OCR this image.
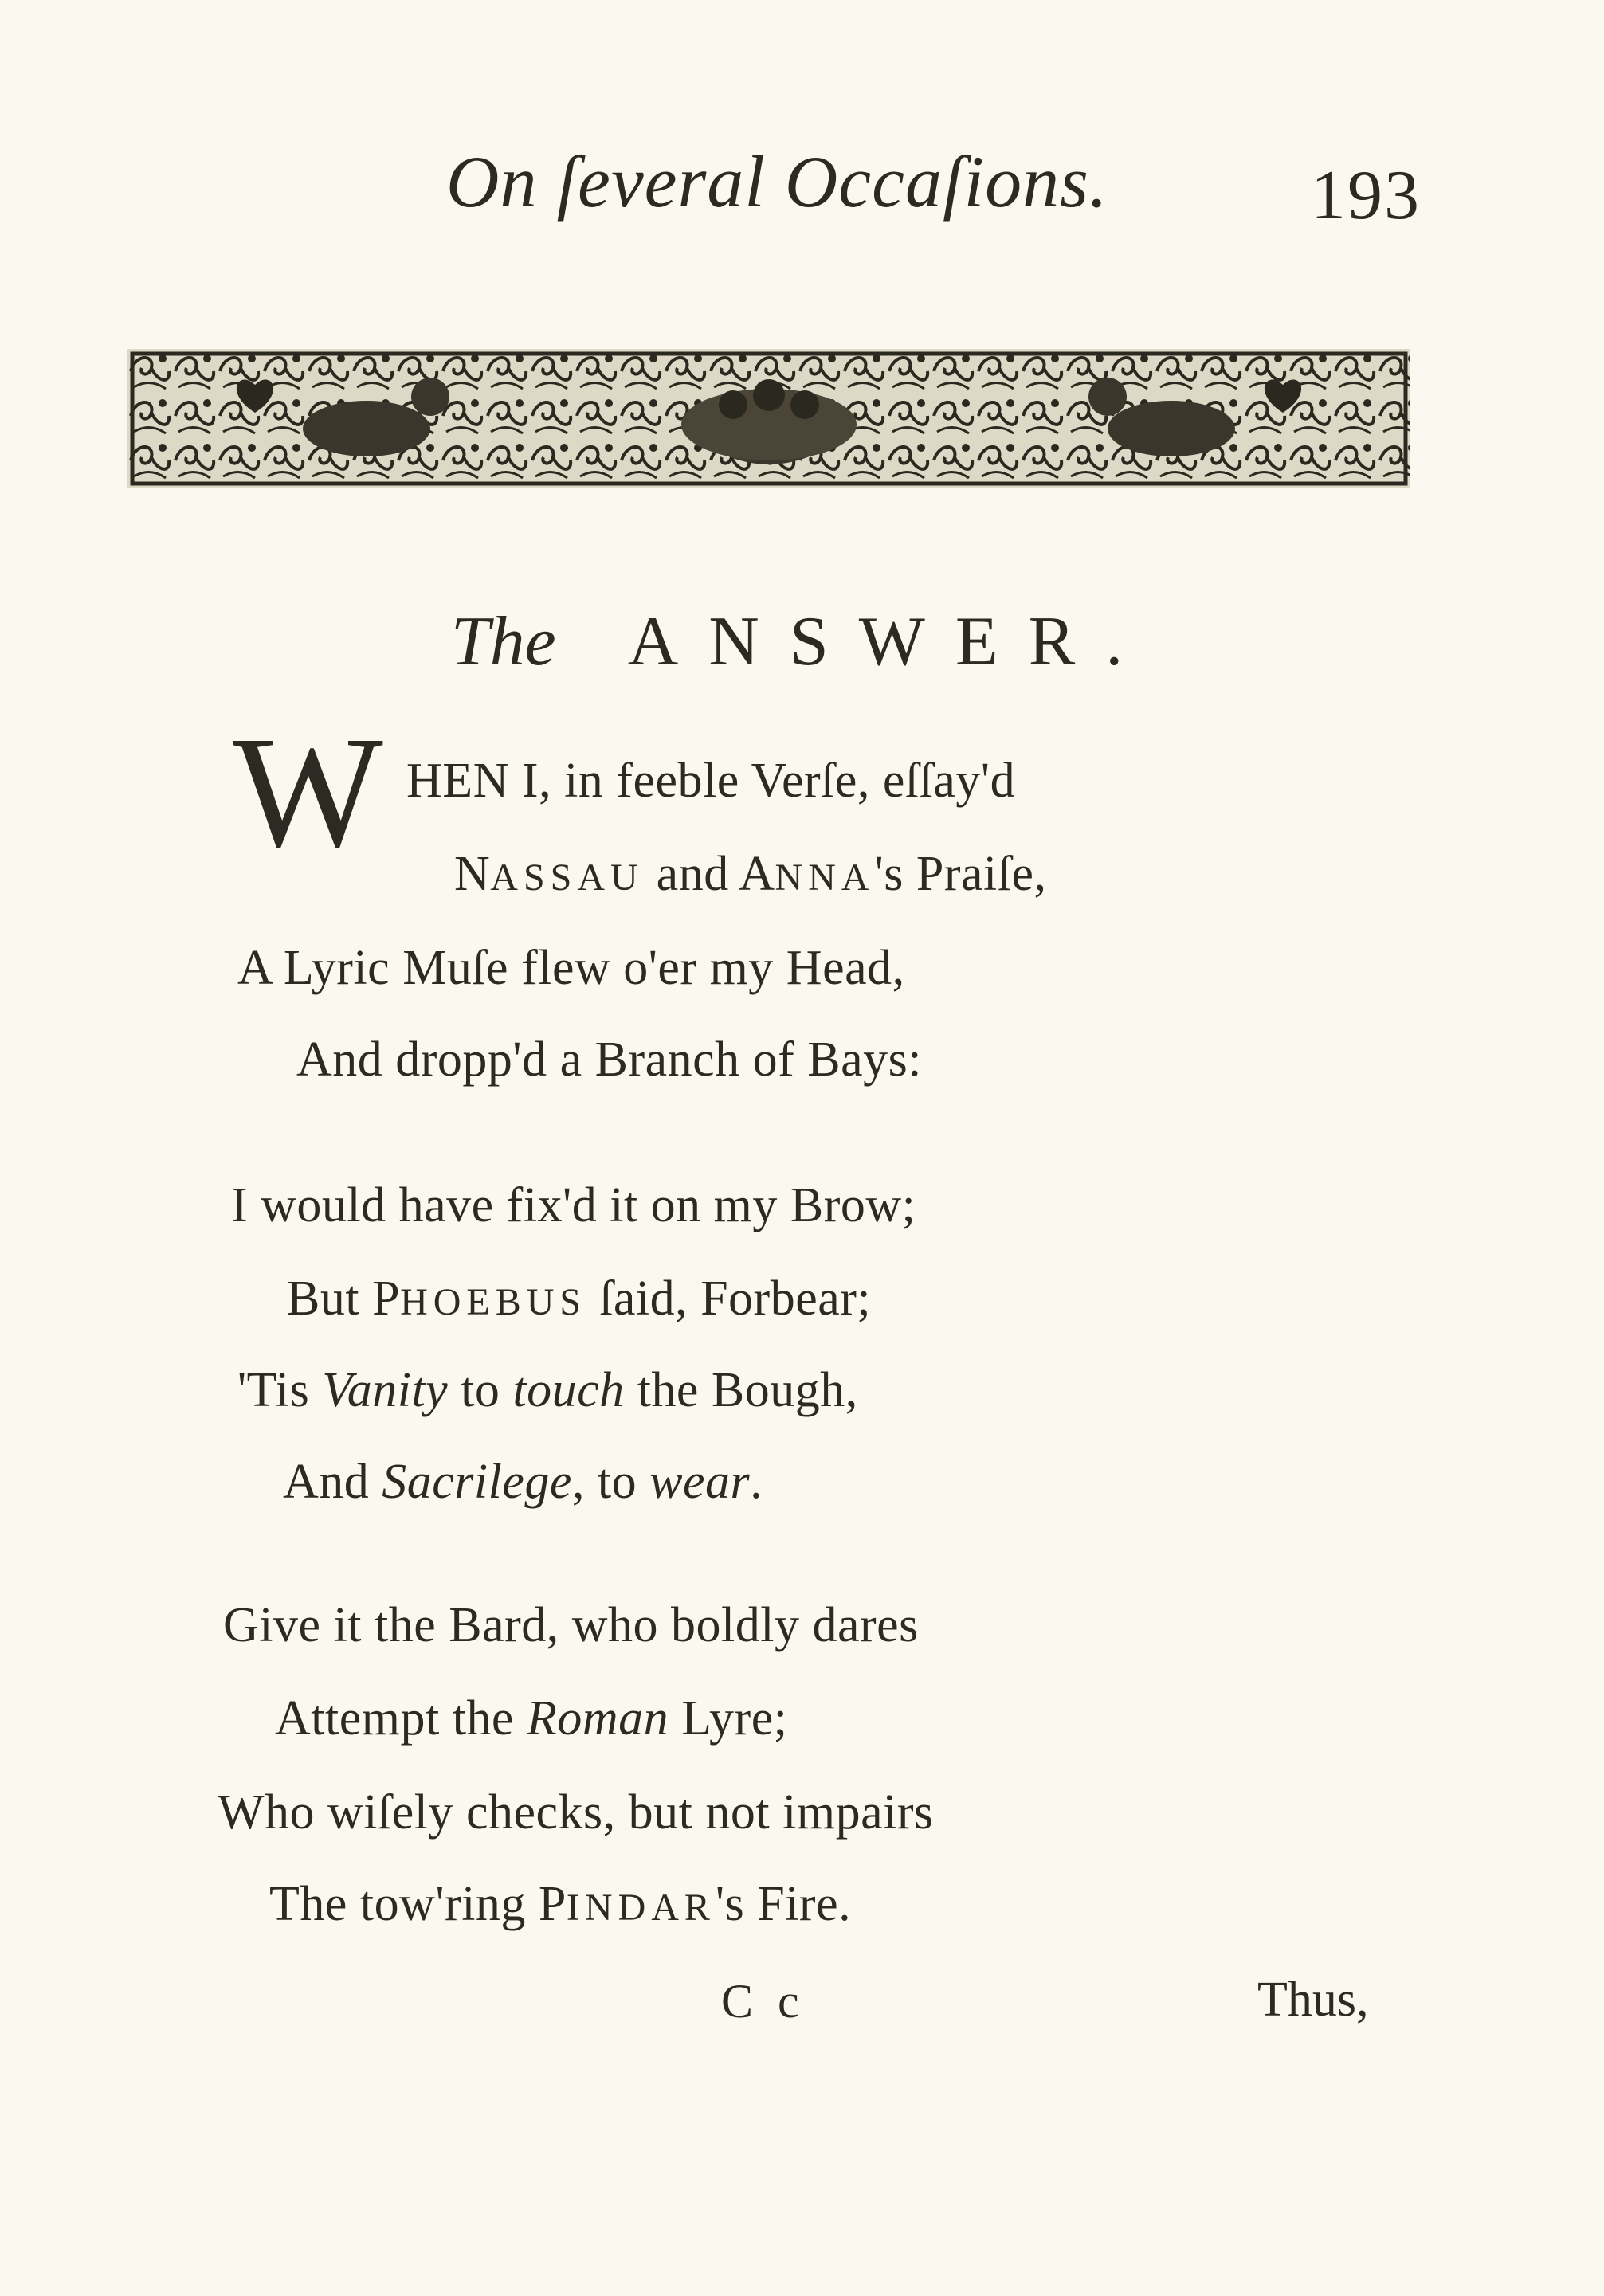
On ſeveral Occaſions.	193
The ANSWER.
W HEN I, in feeble Verſe, eſſay'd
NASSAU and ANNA's Praiſe,
A Lyric Muſe flew o'er my Head,
And dropp'd a Branch of Bays:
I would have fix'd it on my Brow;
But PHOEBUS ſaid, Forbear;
'Tis Vanity to touch the Bough,
And Sacrilege, to wear.
Give it the Bard, who boldly dares
Attempt the Roman Lyre;
Who wiſely checks, but not impairs
The tow'ring PINDAR's Fire.
C c	Thus,
